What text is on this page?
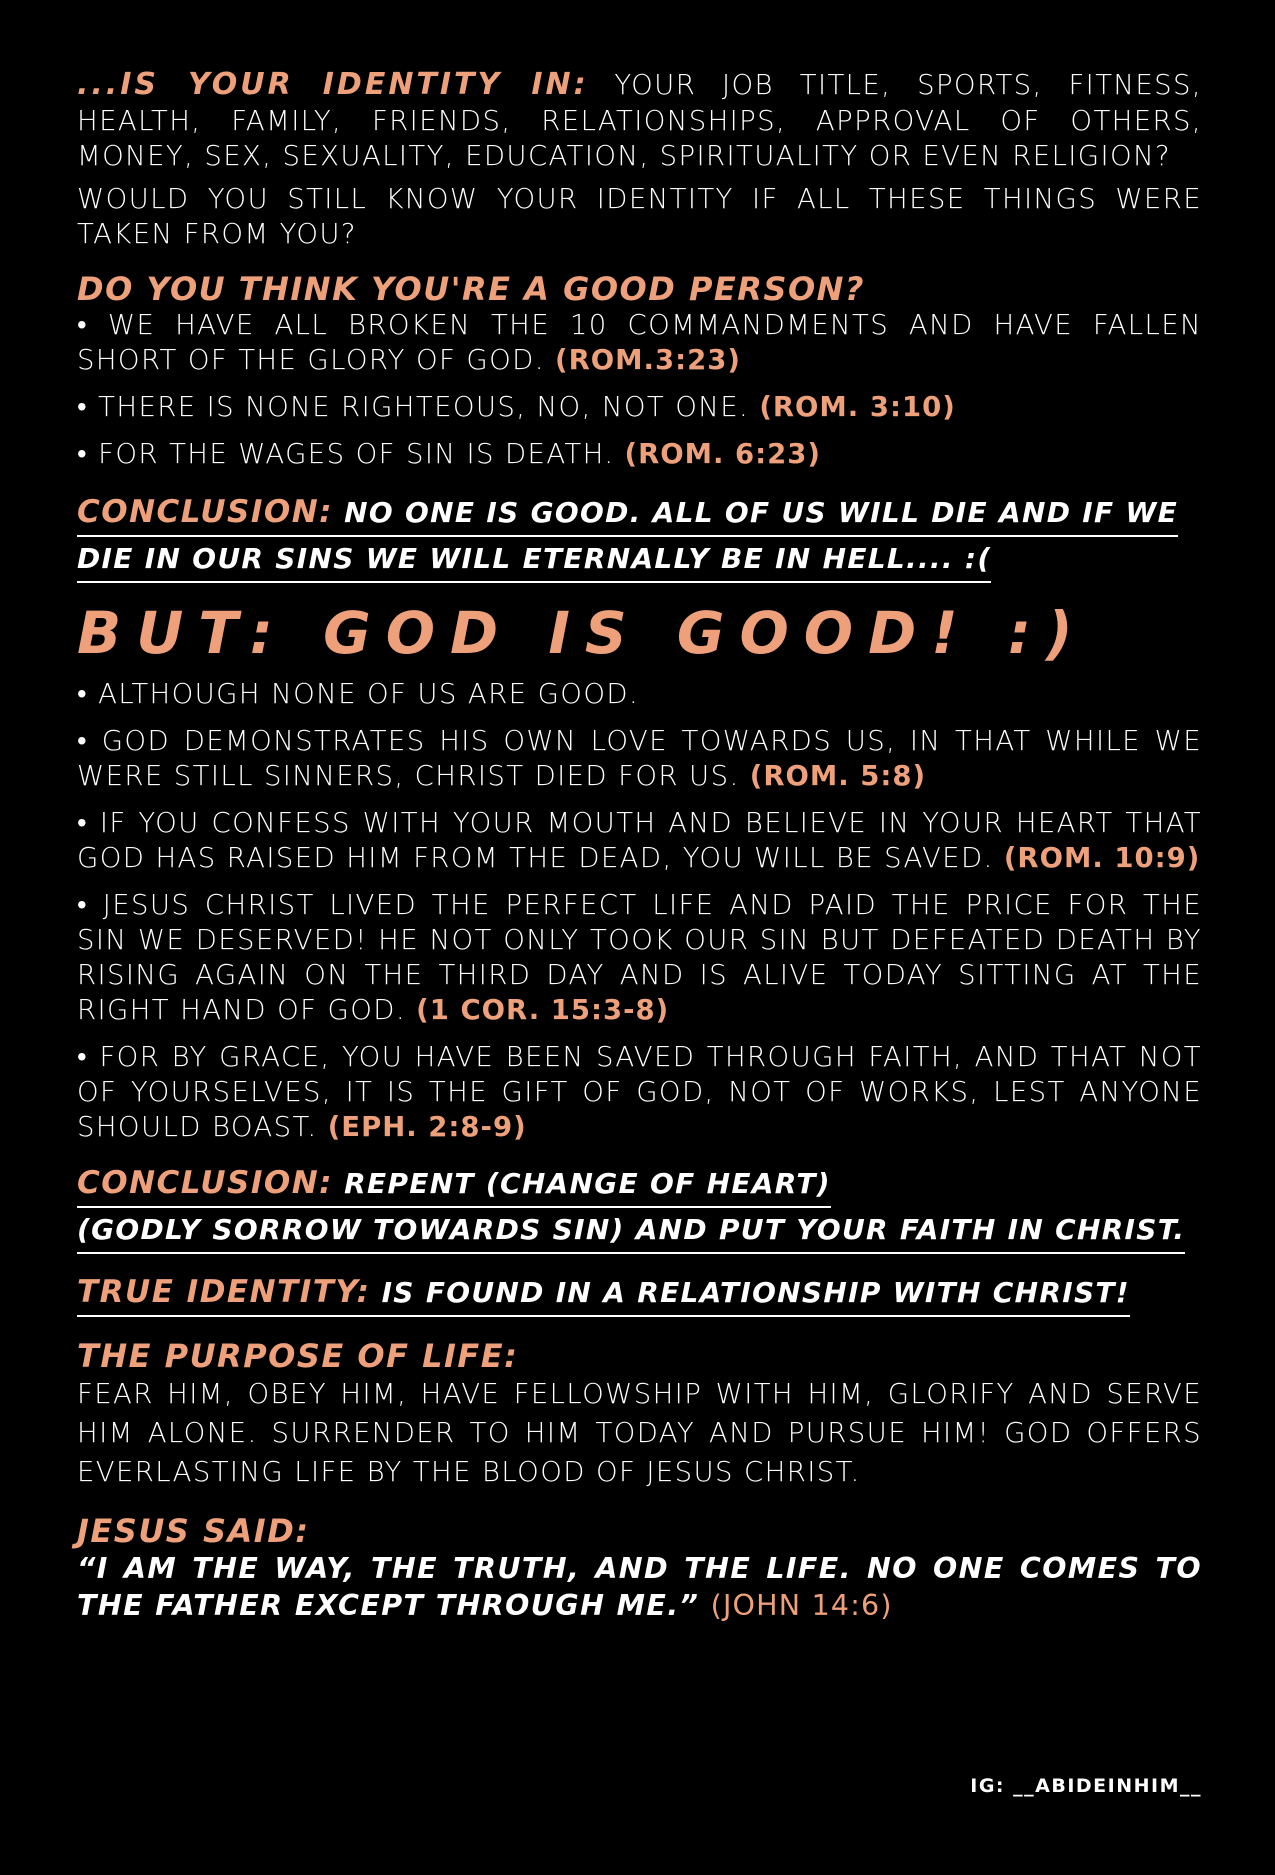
...IS YOUR IDENTITY IN: YOUR JOB TITLE, SPORTS, FITNESS, HEALTH, FAMILY, FRIENDS, RELATIONSHIPS, APPROVAL OF OTHERS, MONEY, SEX, SEXUALITY, EDUCATION, SPIRITUALITY OR EVEN RELIGION?

WOULD YOU STILL KNOW YOUR IDENTITY IF ALL THESE THINGS WERE TAKEN FROM YOU?

DO YOU THINK YOU'RE A GOOD PERSON?

• WE HAVE ALL BROKEN THE 10 COMMANDMENTS AND HAVE FALLEN SHORT OF THE GLORY OF GOD. (ROM.3:23)

• THERE IS NONE RIGHTEOUS, NO, NOT ONE. (ROM. 3:10)

• FOR THE WAGES OF SIN IS DEATH. (ROM. 6:23)

CONCLUSION: NO ONE IS GOOD. ALL OF US WILL DIE AND IF WE
DIE IN OUR SINS WE WILL ETERNALLY BE IN HELL.... :(

BUT: GOD IS GOOD! :)

• ALTHOUGH NONE OF US ARE GOOD.

• GOD DEMONSTRATES HIS OWN LOVE TOWARDS US, IN THAT WHILE WE WERE STILL SINNERS, CHRIST DIED FOR US. (ROM. 5:8)

• IF YOU CONFESS WITH YOUR MOUTH AND BELIEVE IN YOUR HEART THAT GOD HAS RAISED HIM FROM THE DEAD, YOU WILL BE SAVED. (ROM. 10:9)

• JESUS CHRIST LIVED THE PERFECT LIFE AND PAID THE PRICE FOR THE SIN WE DESERVED! HE NOT ONLY TOOK OUR SIN BUT DEFEATED DEATH BY RISING AGAIN ON THE THIRD DAY AND IS ALIVE TODAY SITTING AT THE RIGHT HAND OF GOD. (1 COR. 15:3-8)

• FOR BY GRACE, YOU HAVE BEEN SAVED THROUGH FAITH, AND THAT NOT OF YOURSELVES, IT IS THE GIFT OF GOD, NOT OF WORKS, LEST ANYONE SHOULD BOAST. (EPH. 2:8-9)

CONCLUSION: REPENT (CHANGE OF HEART)
(GODLY SORROW TOWARDS SIN) AND PUT YOUR FAITH IN CHRIST.
TRUE IDENTITY: IS FOUND IN A RELATIONSHIP WITH CHRIST!

THE PURPOSE OF LIFE:

FEAR HIM, OBEY HIM, HAVE FELLOWSHIP WITH HIM, GLORIFY AND SERVE HIM ALONE. SURRENDER TO HIM TODAY AND PURSUE HIM! GOD OFFERS EVERLASTING LIFE BY THE BLOOD OF JESUS CHRIST.

JESUS SAID:

“I AM THE WAY, THE TRUTH, AND THE LIFE. NO ONE COMES TO THE FATHER EXCEPT THROUGH ME.” (JOHN 14:6)

IG: __ABIDEINHIM__
